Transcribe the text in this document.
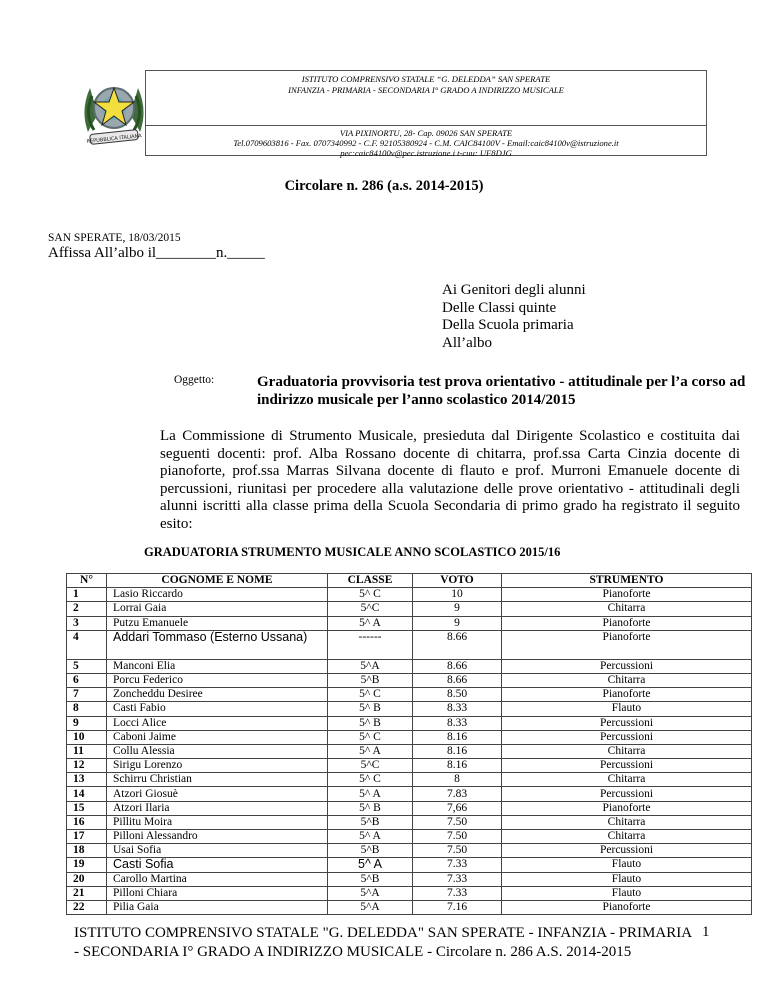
REPUBBLICA ITALIANA
ISTITUTO COMPRENSIVO STATALE “G. DELEDDA” SAN SPERATE
INFANZIA - PRIMARIA - SECONDARIA I° GRADO A INDIRIZZO MUSICALE
VIA PIXINORTU, 28- Cap. 09026 SAN SPERATE
Tel.0709603816 - Fax. 0707340992 - C.F. 92105380924 - C.M. CAIC84100V - Email:caic84100v@istruzione.it
pec:caic84100v@pec.istruzione.i t-cuu: UF8DJG
Circolare n. 286 (a.s. 2014-2015)
SAN SPERATE, 18/03/2015
Affissa All’albo il________n._____
Ai Genitori degli alunni
Delle Classi quinte
Della Scuola primaria
All’albo
Oggetto:	Graduatoria provvisoria test prova orientativo - attitudinale per l’a corso ad indirizzo musicale per l’anno scolastico 2014/2015
La Commissione di Strumento Musicale, presieduta dal Dirigente Scolastico e costituita dai seguenti docenti: prof. Alba Rossano docente di chitarra, prof.ssa Carta Cinzia docente di pianoforte, prof.ssa Marras Silvana docente di flauto e prof. Murroni Emanuele docente di percussioni, riunitasi per procedere alla valutazione delle prove orientativo - attitudinali degli alunni iscritti alla classe prima della Scuola Secondaria di primo grado ha registrato il seguito esito:
GRADUATORIA STRUMENTO MUSICALE ANNO SCOLASTICO 2015/16
N°	COGNOME E NOME	CLASSE	VOTO	STRUMENTO
1	Lasio Riccardo	5^ C	10	Pianoforte
2	Lorrai Gaia	5^C	9	Chitarra
3	Putzu Emanuele	5^ A	9	Pianoforte
4	Addari Tommaso (Esterno Ussana)	------	8.66	Pianoforte
5	Manconi Elia	5^A	8.66	Percussioni
6	Porcu Federico	5^B	8.66	Chitarra
7	Zoncheddu Desiree	5^ C	8.50	Pianoforte
8	Casti Fabio	5^ B	8.33	Flauto
9	Locci Alice	5^ B	8.33	Percussioni
10	Caboni Jaime	5^ C	8.16	Percussioni
11	Collu Alessia	5^ A	8.16	Chitarra
12	Sirigu Lorenzo	5^C	8.16	Percussioni
13	Schirru Christian	5^ C	8	Chitarra
14	Atzori Giosuè	5^ A	7.83	Percussioni
15	Atzori Ilaria	5^ B	7,66	Pianoforte
16	Pillitu Moira	5^B	7.50	Chitarra
17	Pilloni Alessandro	5^ A	7.50	Chitarra
18	Usai Sofia	5^B	7.50	Percussioni
19	Casti Sofia	5^ A	7.33	Flauto
20	Carollo Martina	5^B	7.33	Flauto
21	Pilloni Chiara	5^A	7.33	Flauto
22	Pilia Gaia	5^A	7.16	Pianoforte
ISTITUTO COMPRENSIVO STATALE "G. DELEDDA" SAN SPERATE - INFANZIA - PRIMARIA - SECONDARIA I° GRADO A INDIRIZZO MUSICALE - Circolare n. 286 A.S. 2014-2015
1
